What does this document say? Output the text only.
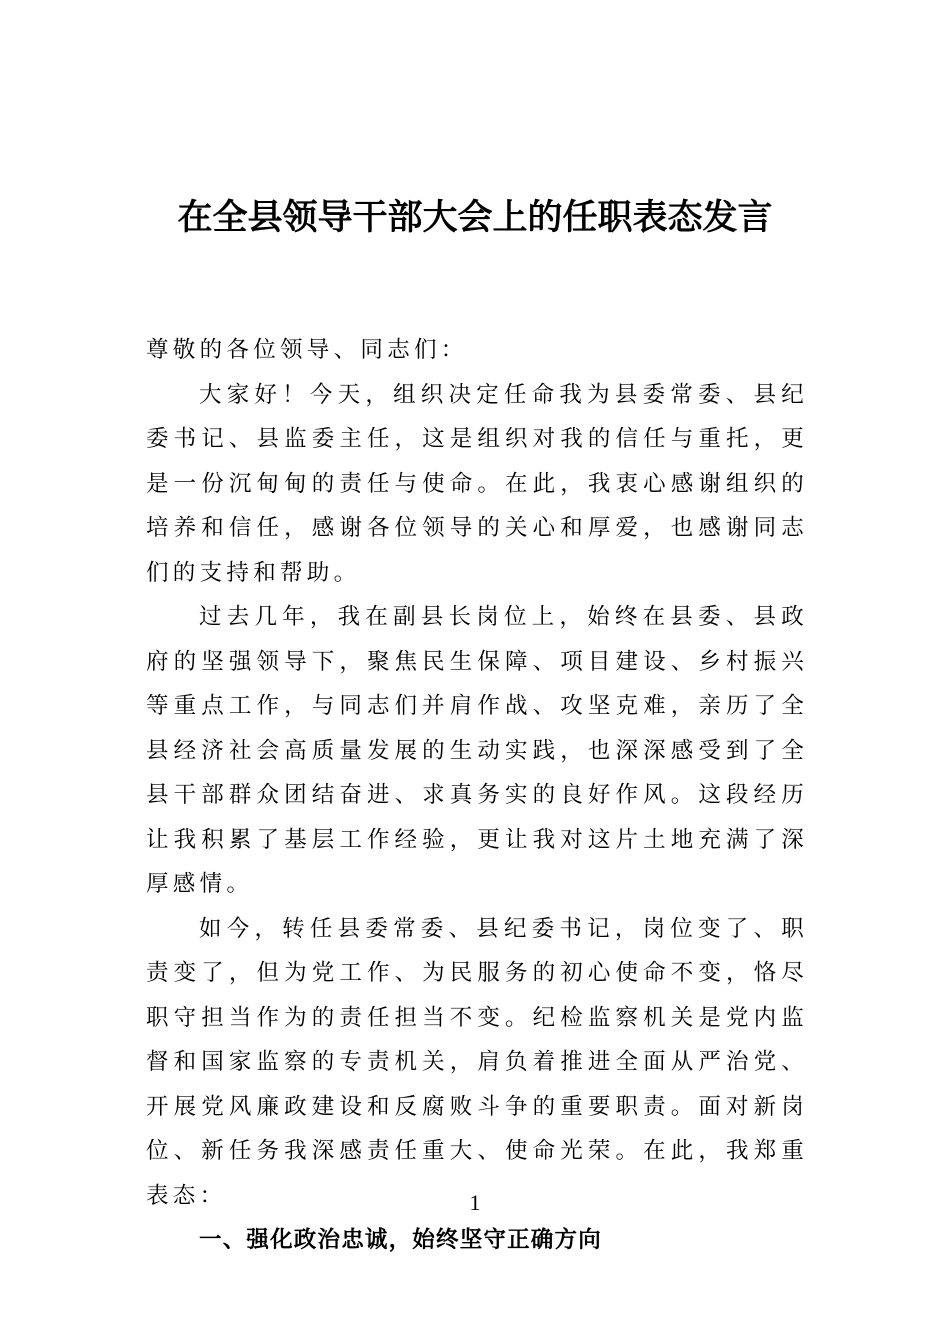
在全县领导干部大会上的任职表态发言

尊敬的各位领导、同志们：

大家好！今天，组织决定任命我为县委常委、县纪委书记、县监委主任，这是组织对我的信任与重托，更是一份沉甸甸的责任与使命。在此，我衷心感谢组织的培养和信任，感谢各位领导的关心和厚爱，也感谢同志们的支持和帮助。

过去几年，我在副县长岗位上，始终在县委、县政府的坚强领导下，聚焦民生保障、项目建设、乡村振兴等重点工作，与同志们并肩作战、攻坚克难，亲历了全县经济社会高质量发展的生动实践，也深深感受到了全县干部群众团结奋进、求真务实的良好作风。这段经历让我积累了基层工作经验，更让我对这片土地充满了深厚感情。

如今，转任县委常委、县纪委书记，岗位变了、职责变了，但为党工作、为民服务的初心使命不变，恪尽职守担当作为的责任担当不变。纪检监察机关是党内监督和国家监察的专责机关，肩负着推进全面从严治党、开展党风廉政建设和反腐败斗争的重要职责。面对新岗位、新任务我深感责任重大、使命光荣。在此，我郑重表态：

一、强化政治忠诚，始终坚守正确方向

1
